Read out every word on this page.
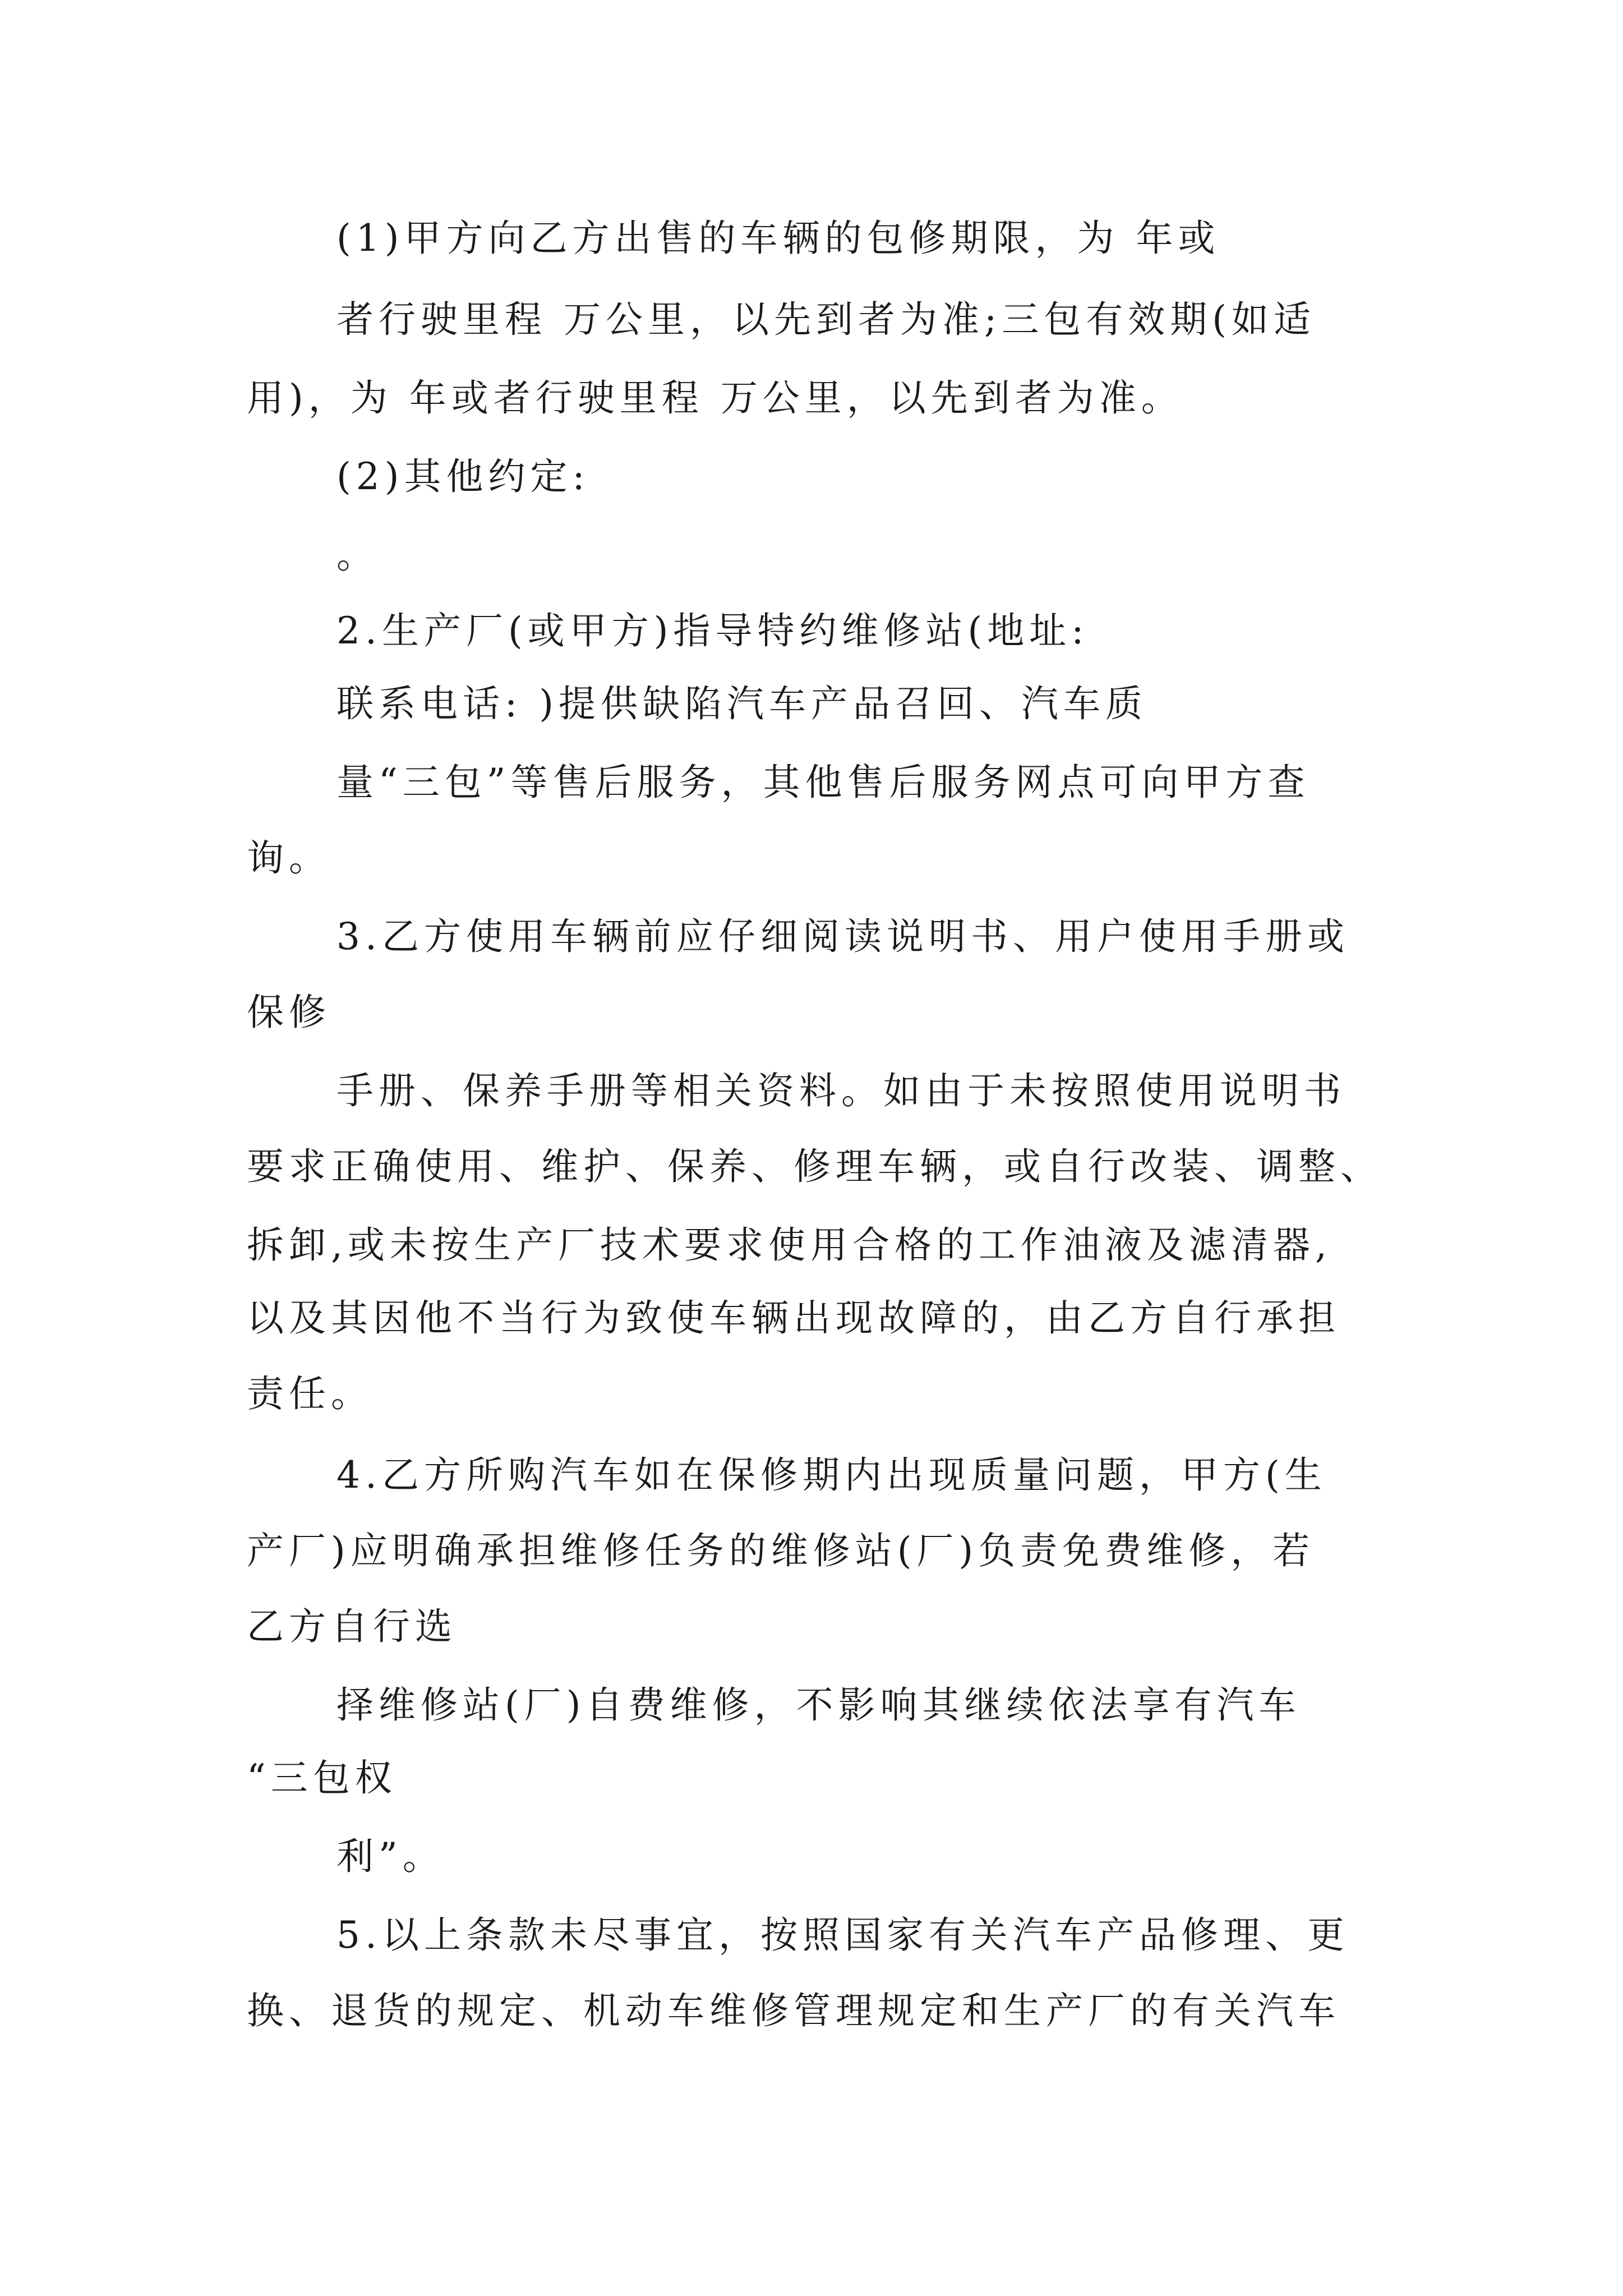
(1)甲方向乙方出售的车辆的包修期限，为 年或
者行驶里程 万公里，以先到者为准;三包有效期(如适
用)，为 年或者行驶里程 万公里，以先到者为准。
(2)其他约定:
。
2.生产厂(或甲方)指导特约维修站(地址:
联系电话: )提供缺陷汽车产品召回、汽车质
量“三包”等售后服务，其他售后服务网点可向甲方查
询。
3.乙方使用车辆前应仔细阅读说明书、用户使用手册或
保修
手册、保养手册等相关资料。如由于未按照使用说明书
要求正确使用、维护、保养、修理车辆，或自行改装、调整、
拆卸,或未按生产厂技术要求使用合格的工作油液及滤清器,
以及其因他不当行为致使车辆出现故障的，由乙方自行承担
责任。
4.乙方所购汽车如在保修期内出现质量问题，甲方(生
产厂)应明确承担维修任务的维修站(厂)负责免费维修，若
乙方自行选
择维修站(厂)自费维修，不影响其继续依法享有汽车
“三包权
利”。
5.以上条款未尽事宜，按照国家有关汽车产品修理、更
换、退货的规定、机动车维修管理规定和生产厂的有关汽车
